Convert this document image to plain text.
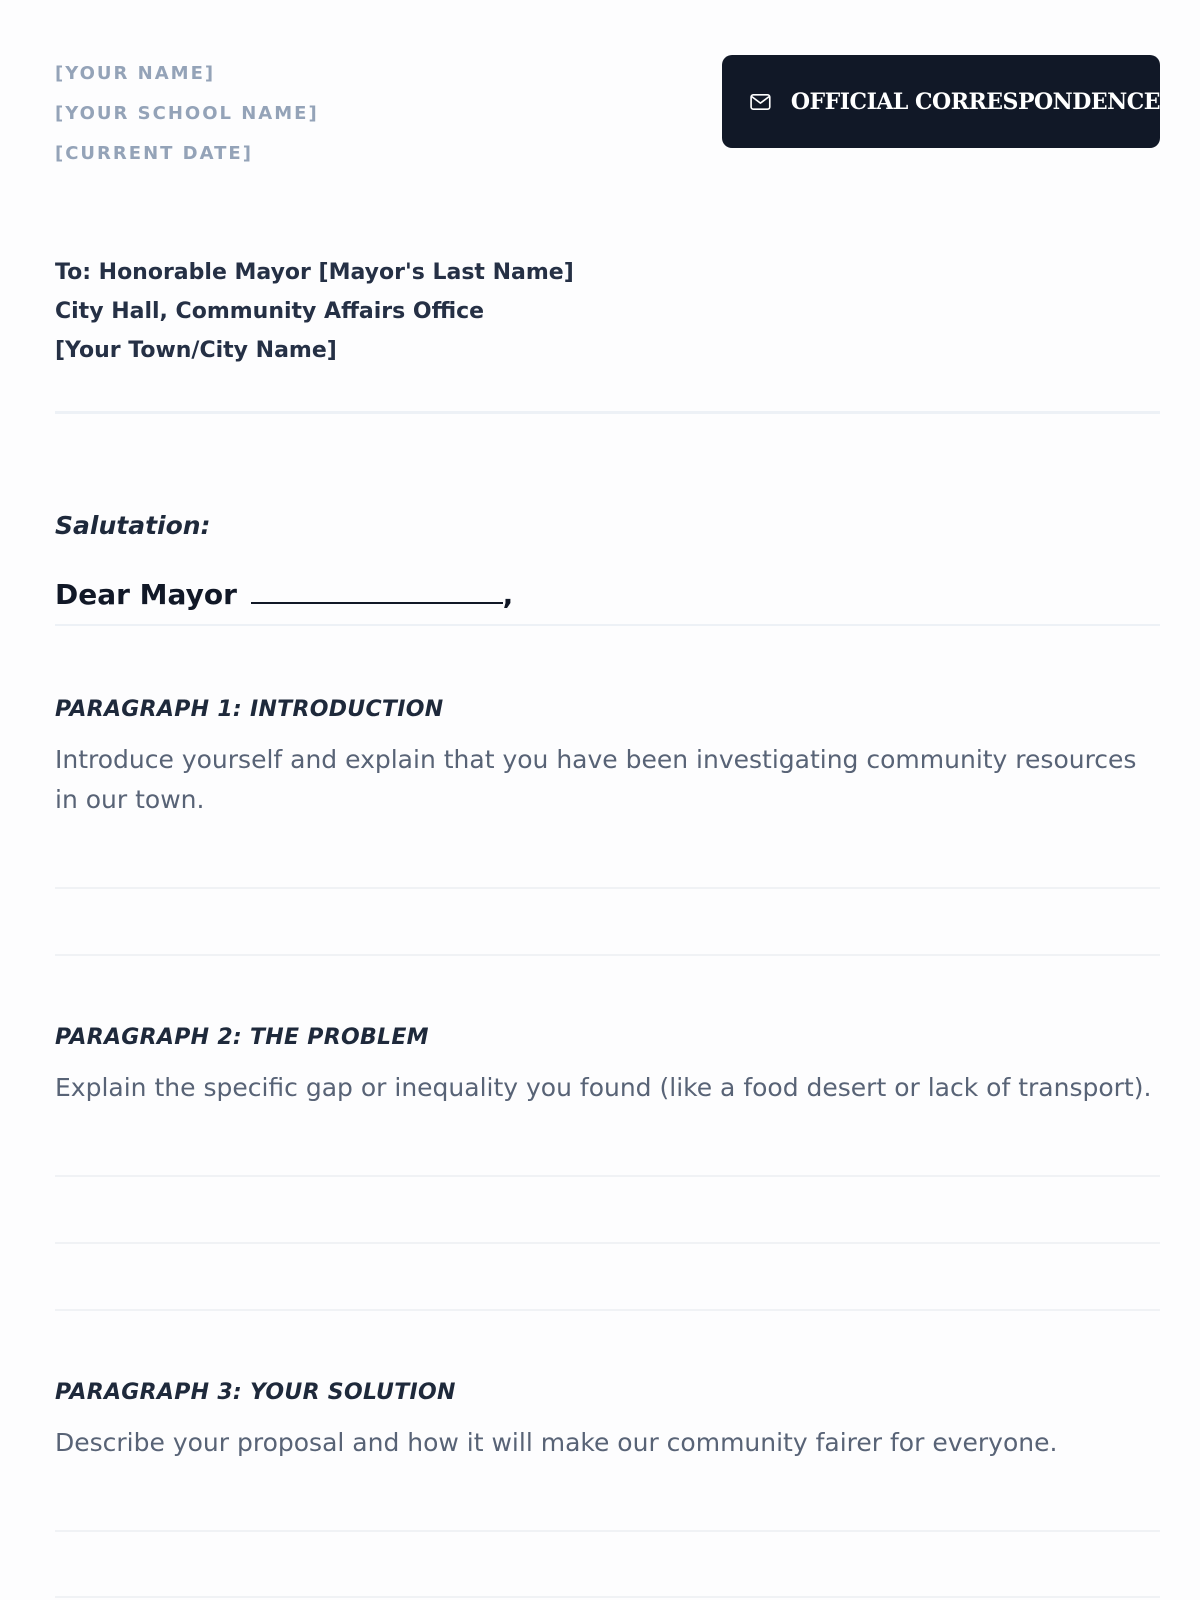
[YOUR NAME]
[YOUR SCHOOL NAME]
[CURRENT DATE]
OFFICIAL CORRESPONDENCE
To: Honorable Mayor [Mayor's Last Name]
City Hall, Community Affairs Office
[Your Town/City Name]
Salutation:
Dear Mayor	,
PARAGRAPH 1: INTRODUCTION
Introduce yourself and explain that you have been investigating community resources in our town.
PARAGRAPH 2: THE PROBLEM
Explain the specific gap or inequality you found (like a food desert or lack of transport).
PARAGRAPH 3: YOUR SOLUTION
Describe your proposal and how it will make our community fairer for everyone.
